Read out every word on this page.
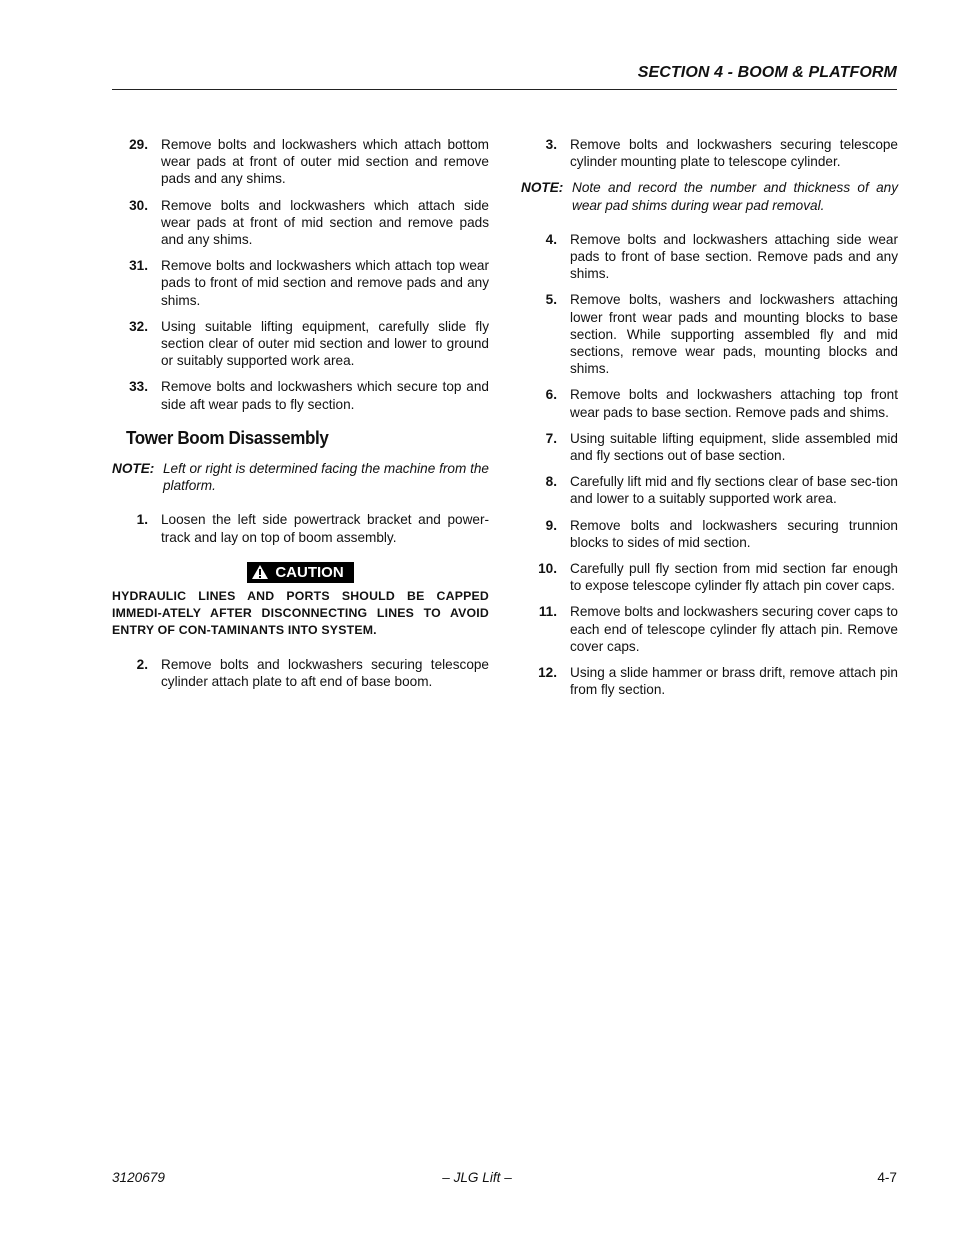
SECTION 4 - BOOM & PLATFORM
29. Remove bolts and lockwashers which attach bottom wear pads at front of outer mid section and remove pads and any shims.
30. Remove bolts and lockwashers which attach side wear pads at front of mid section and remove pads and any shims.
31. Remove bolts and lockwashers which attach top wear pads to front of mid section and remove pads and any shims.
32. Using suitable lifting equipment, carefully slide fly section clear of outer mid section and lower to ground or suitably supported work area.
33. Remove bolts and lockwashers which secure top and side aft wear pads to fly section.
Tower Boom Disassembly
NOTE: Left or right is determined facing the machine from the platform.
1. Loosen the left side powertrack bracket and power-track and lay on top of boom assembly.
CAUTION
HYDRAULIC LINES AND PORTS SHOULD BE CAPPED IMMEDI-ATELY AFTER DISCONNECTING LINES TO AVOID ENTRY OF CON-TAMINANTS INTO SYSTEM.
2. Remove bolts and lockwashers securing telescope cylinder attach plate to aft end of base boom.
3. Remove bolts and lockwashers securing telescope cylinder mounting plate to telescope cylinder.
NOTE: Note and record the number and thickness of any wear pad shims during wear pad removal.
4. Remove bolts and lockwashers attaching side wear pads to front of base section. Remove pads and any shims.
5. Remove bolts, washers and lockwashers attaching lower front wear pads and mounting blocks to base section. While supporting assembled fly and mid sections, remove wear pads, mounting blocks and shims.
6. Remove bolts and lockwashers attaching top front wear pads to base section. Remove pads and shims.
7. Using suitable lifting equipment, slide assembled mid and fly sections out of base section.
8. Carefully lift mid and fly sections clear of base sec-tion and lower to a suitably supported work area.
9. Remove bolts and lockwashers securing trunnion blocks to sides of mid section.
10. Carefully pull fly section from mid section far enough to expose telescope cylinder fly attach pin cover caps.
11. Remove bolts and lockwashers securing cover caps to each end of telescope cylinder fly attach pin. Remove cover caps.
12. Using a slide hammer or brass drift, remove attach pin from fly section.
3120679	– JLG Lift –	4-7
